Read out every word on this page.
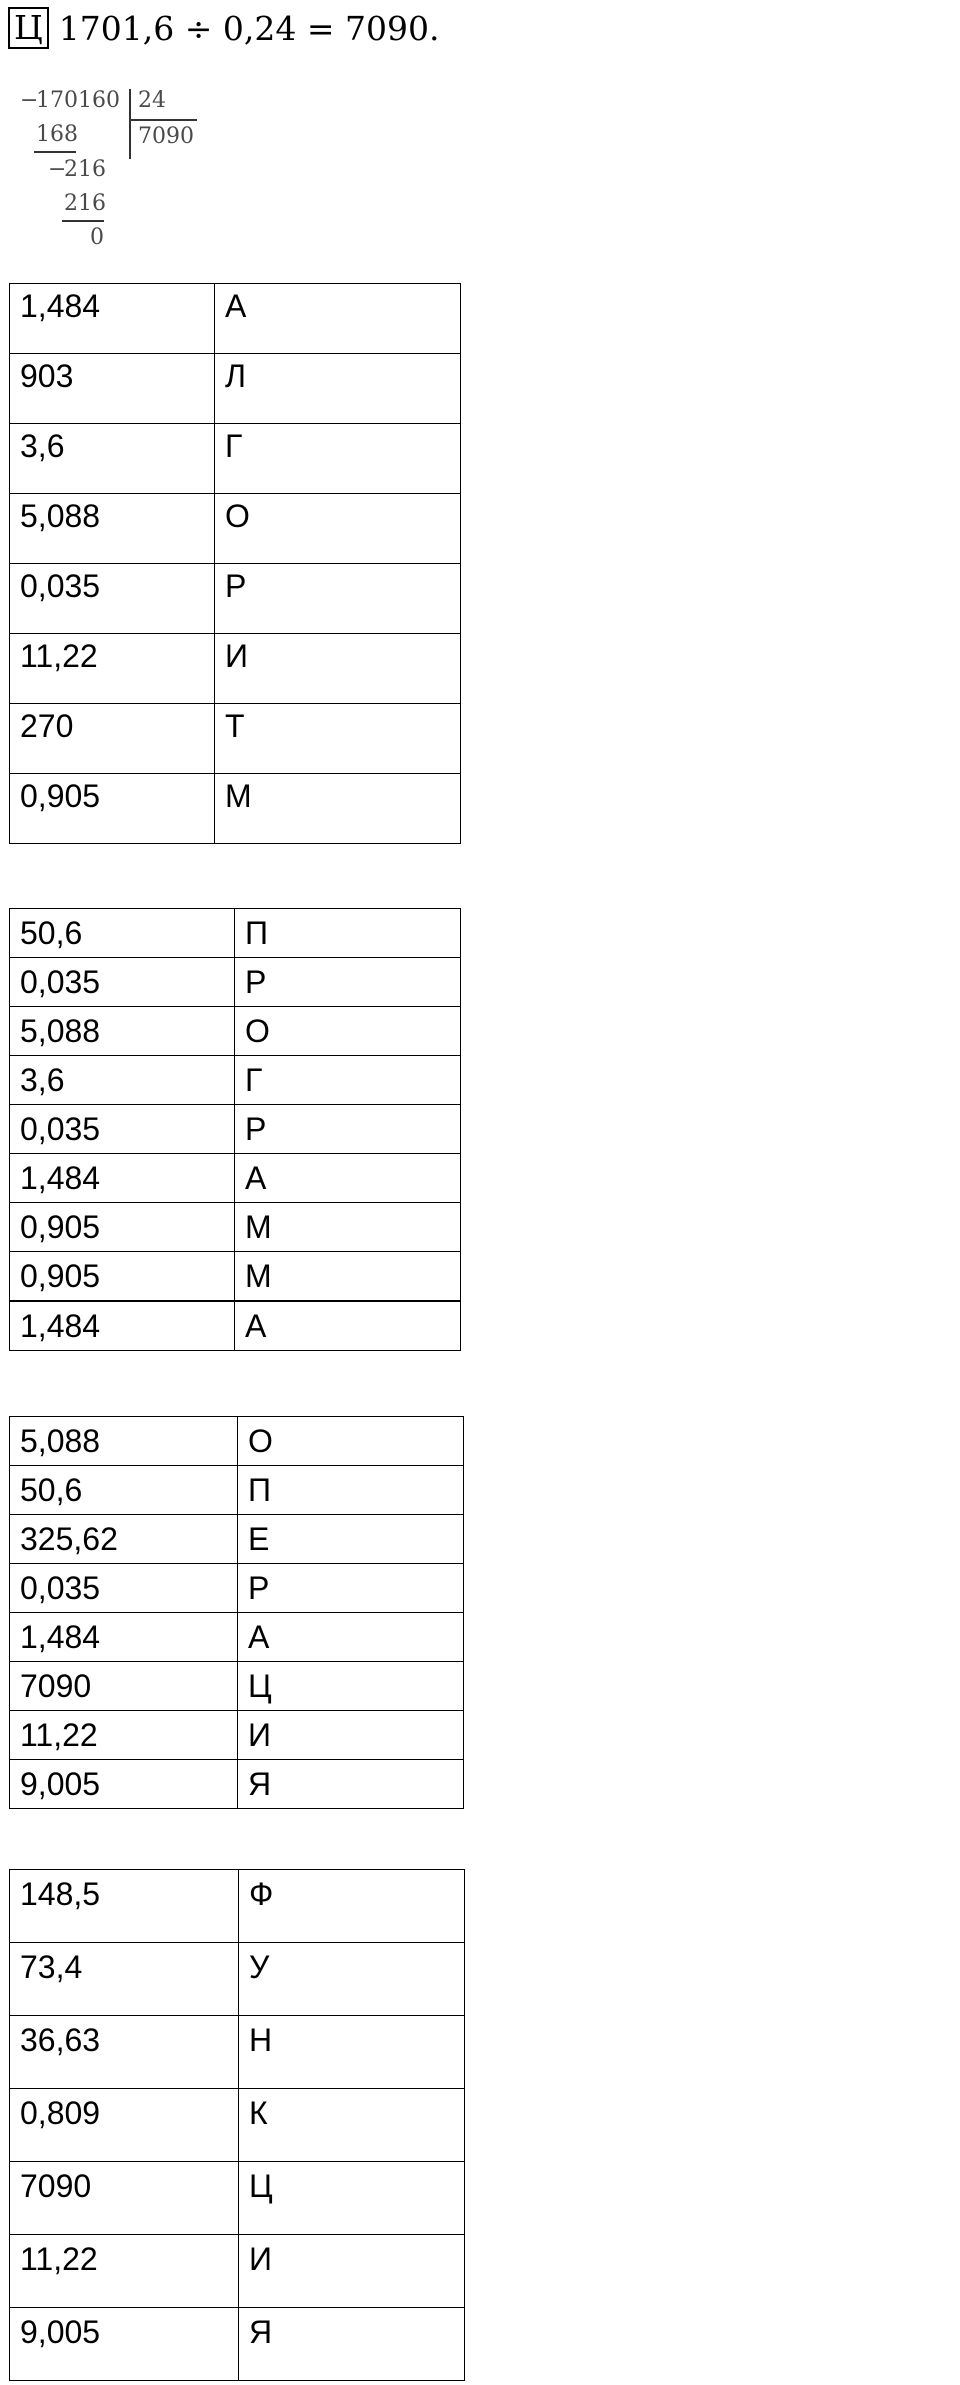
Ц 1701,6 ÷ 0,24 = 7090.
−
170160 24
7090
168
−
216
216
0
1,484	А
903	Л
3,6	Г
5,088	О
0,035	Р
11,22	И
270	Т
0,905	М
50,6	П
0,035	Р
5,088	О
3,6	Г
0,035	Р
1,484	А
0,905	М
0,905	М
1,484	А
5,088	О
50,6	П
325,62	Е
0,035	Р
1,484	А
7090	Ц
11,22	И
9,005	Я
148,5	Ф
73,4	У
36,63	Н
0,809	К
7090	Ц
11,22	И
9,005	Я
